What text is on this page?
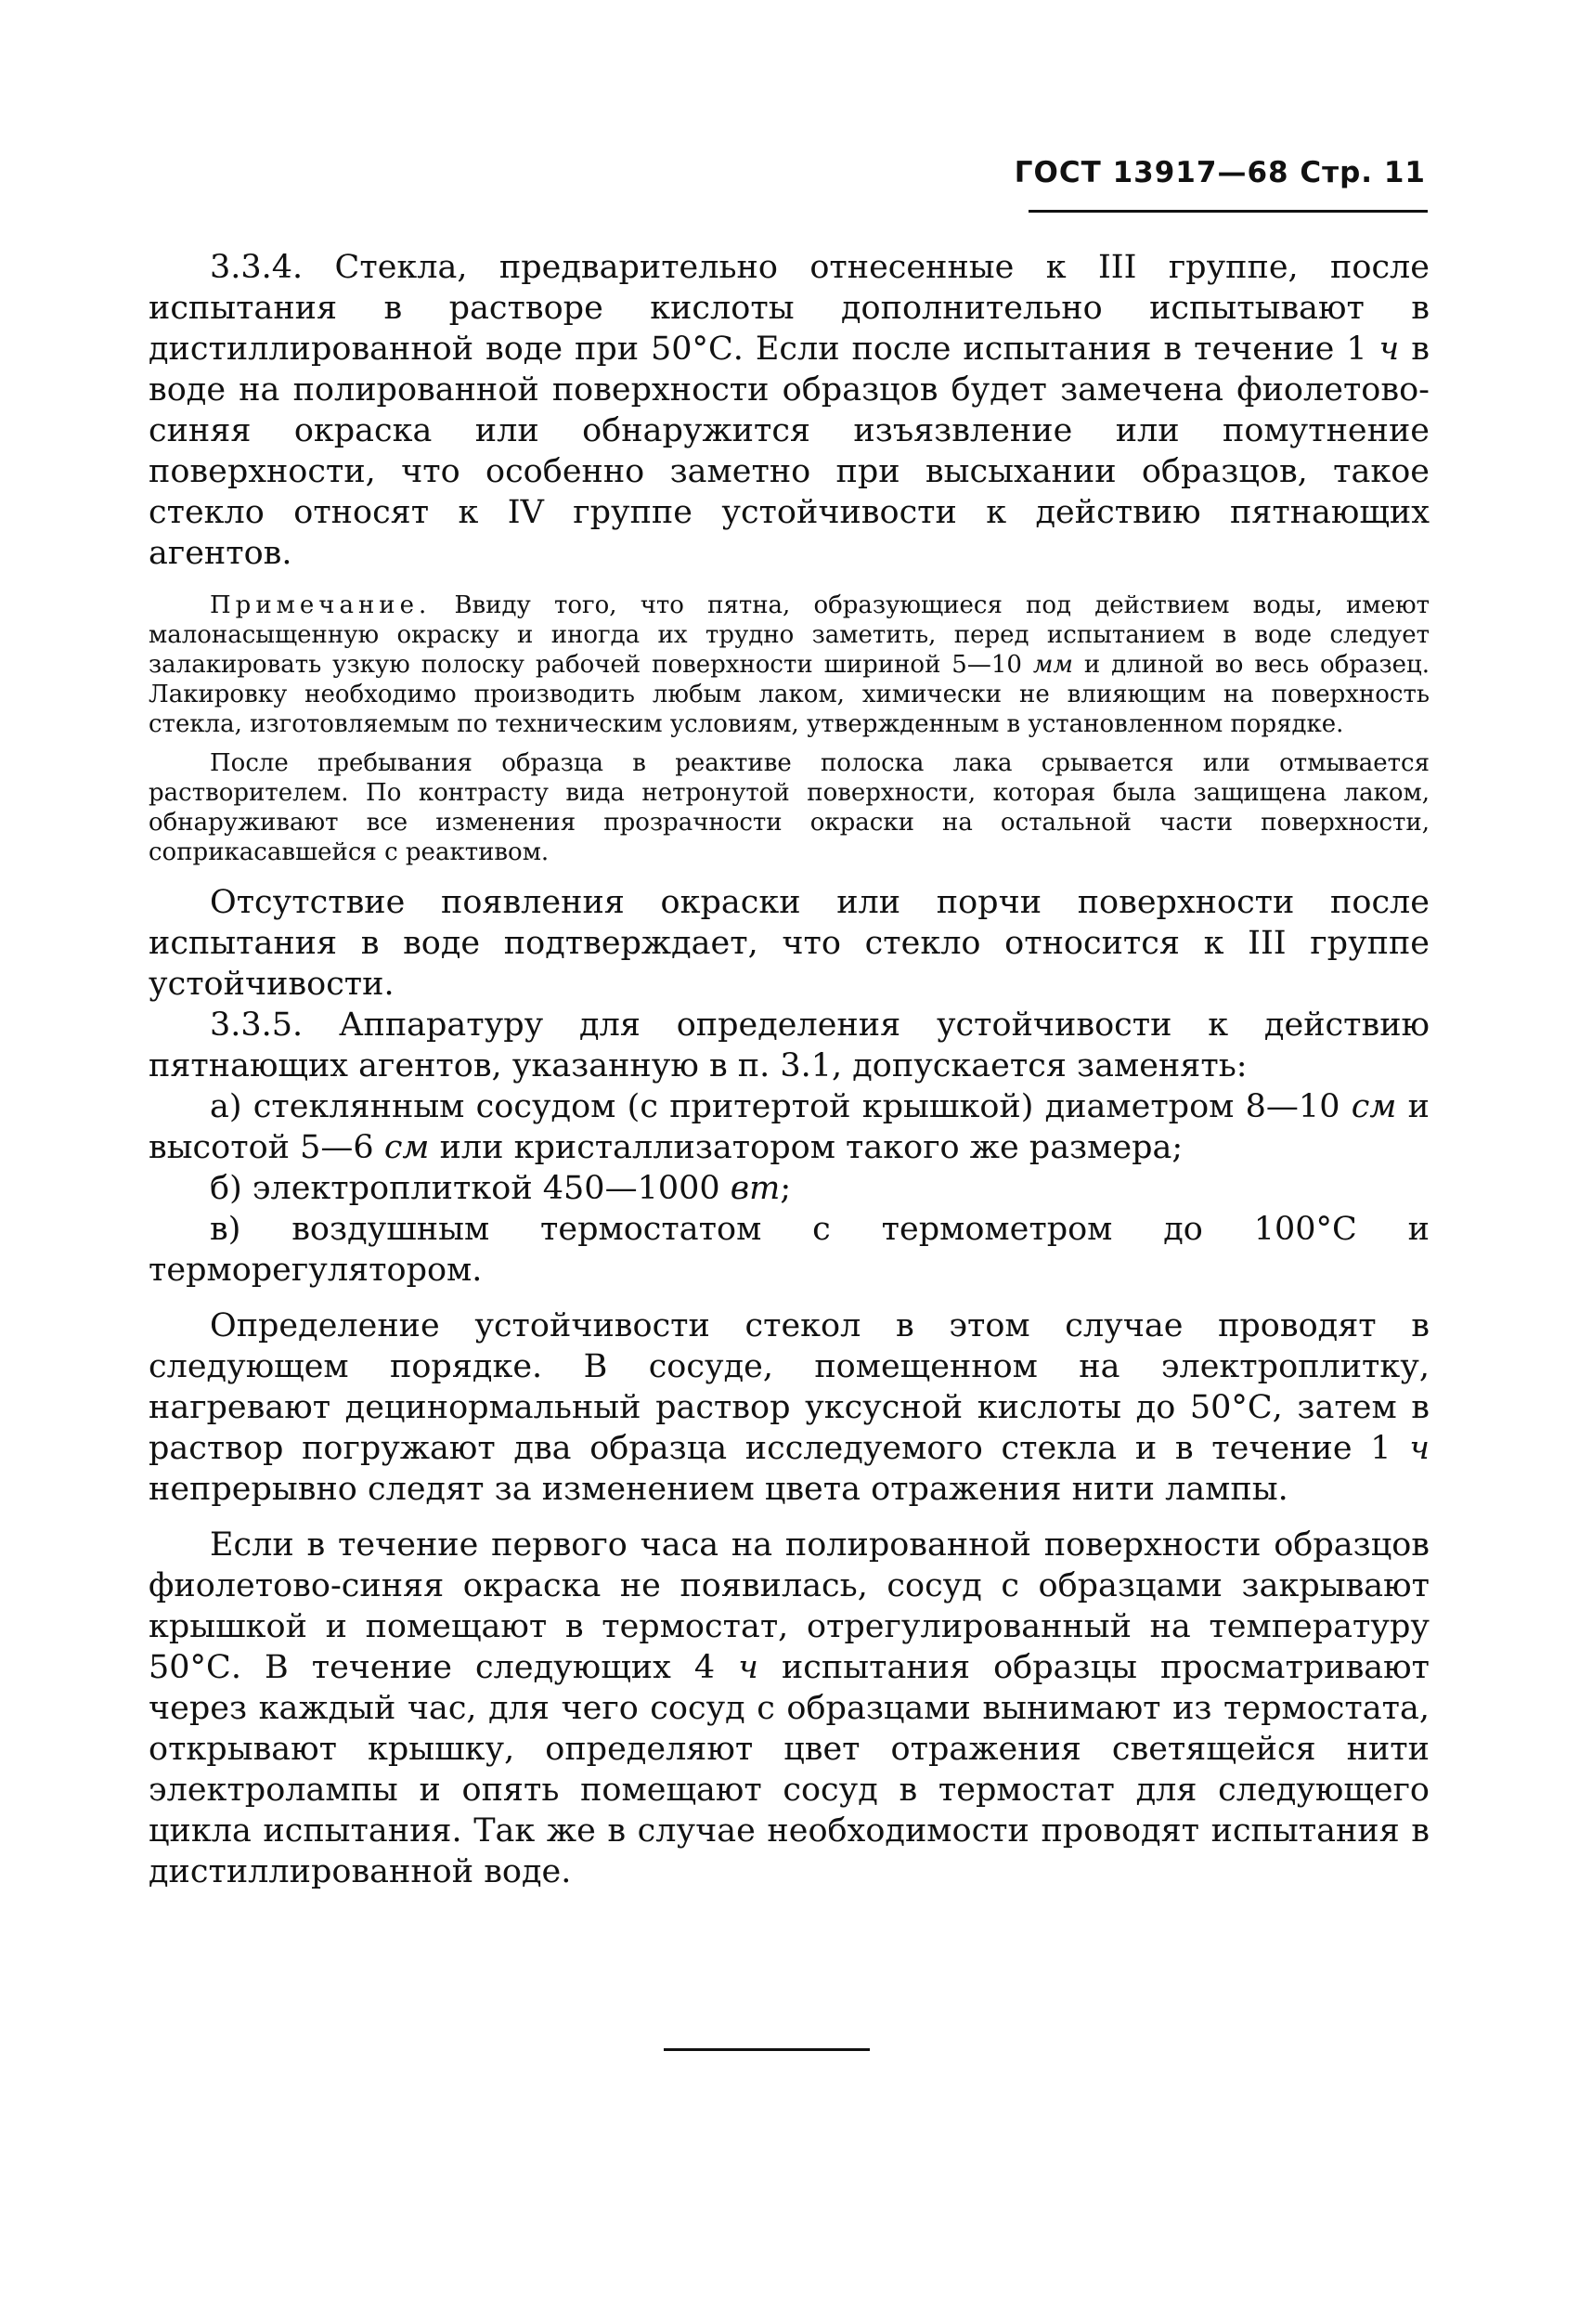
ГОСТ 13917—68 Стр. 11

3.3.4. Стекла, предварительно отнесенные к III группе, после испытания в растворе кислоты дополнительно испытывают в дистиллированной воде при 50°С. Если после испытания в течение 1 ч в воде на полированной поверхности образцов будет замечена фиолетово-синяя окраска или обнаружится изъязвление или помутнение поверхности, что особенно заметно при высыхании образцов, такое стекло относят к IV группе устойчивости к действию пятнающих агентов.

Примечание. Ввиду того, что пятна, образующиеся под действием воды, имеют малонасыщенную окраску и иногда их трудно заметить, перед испытанием в воде следует залакировать узкую полоску рабочей поверхности шириной 5—10 мм и длиной во весь образец. Лакировку необходимо производить любым лаком, химически не влияющим на поверхность стекла, изготовляемым по техническим условиям, утвержденным в установленном порядке.

После пребывания образца в реактиве полоска лака срывается или отмывается растворителем. По контрасту вида нетронутой поверхности, которая была защищена лаком, обнаруживают все изменения прозрачности окраски на остальной части поверхности, соприкасавшейся с реактивом.

Отсутствие появления окраски или порчи поверхности после испытания в воде подтверждает, что стекло относится к III группе устойчивости.

3.3.5. Аппаратуру для определения устойчивости к действию пятнающих агентов, указанную в п. 3.1, допускается заменять:

а) стеклянным сосудом (с притертой крышкой) диаметром 8—10 см и высотой 5—6 см или кристаллизатором такого же размера;

б) электроплиткой 450—1000 вт;

в) воздушным термостатом с термометром до 100°С и терморегулятором.

Определение устойчивости стекол в этом случае проводят в следующем порядке. В сосуде, помещенном на электроплитку, нагревают децинормальный раствор уксусной кислоты до 50°С, затем в раствор погружают два образца исследуемого стекла и в течение 1 ч непрерывно следят за изменением цвета отражения нити лампы.

Если в течение первого часа на полированной поверхности образцов фиолетово-синяя окраска не появилась, сосуд с образцами закрывают крышкой и помещают в термостат, отрегулированный на температуру 50°С. В течение следующих 4 ч испытания образцы просматривают через каждый час, для чего сосуд с образцами вынимают из термостата, открывают крышку, определяют цвет отражения светящейся нити электролампы и опять помещают сосуд в термостат для следующего цикла испытания. Так же в случае необходимости проводят испытания в дистиллированной воде.
